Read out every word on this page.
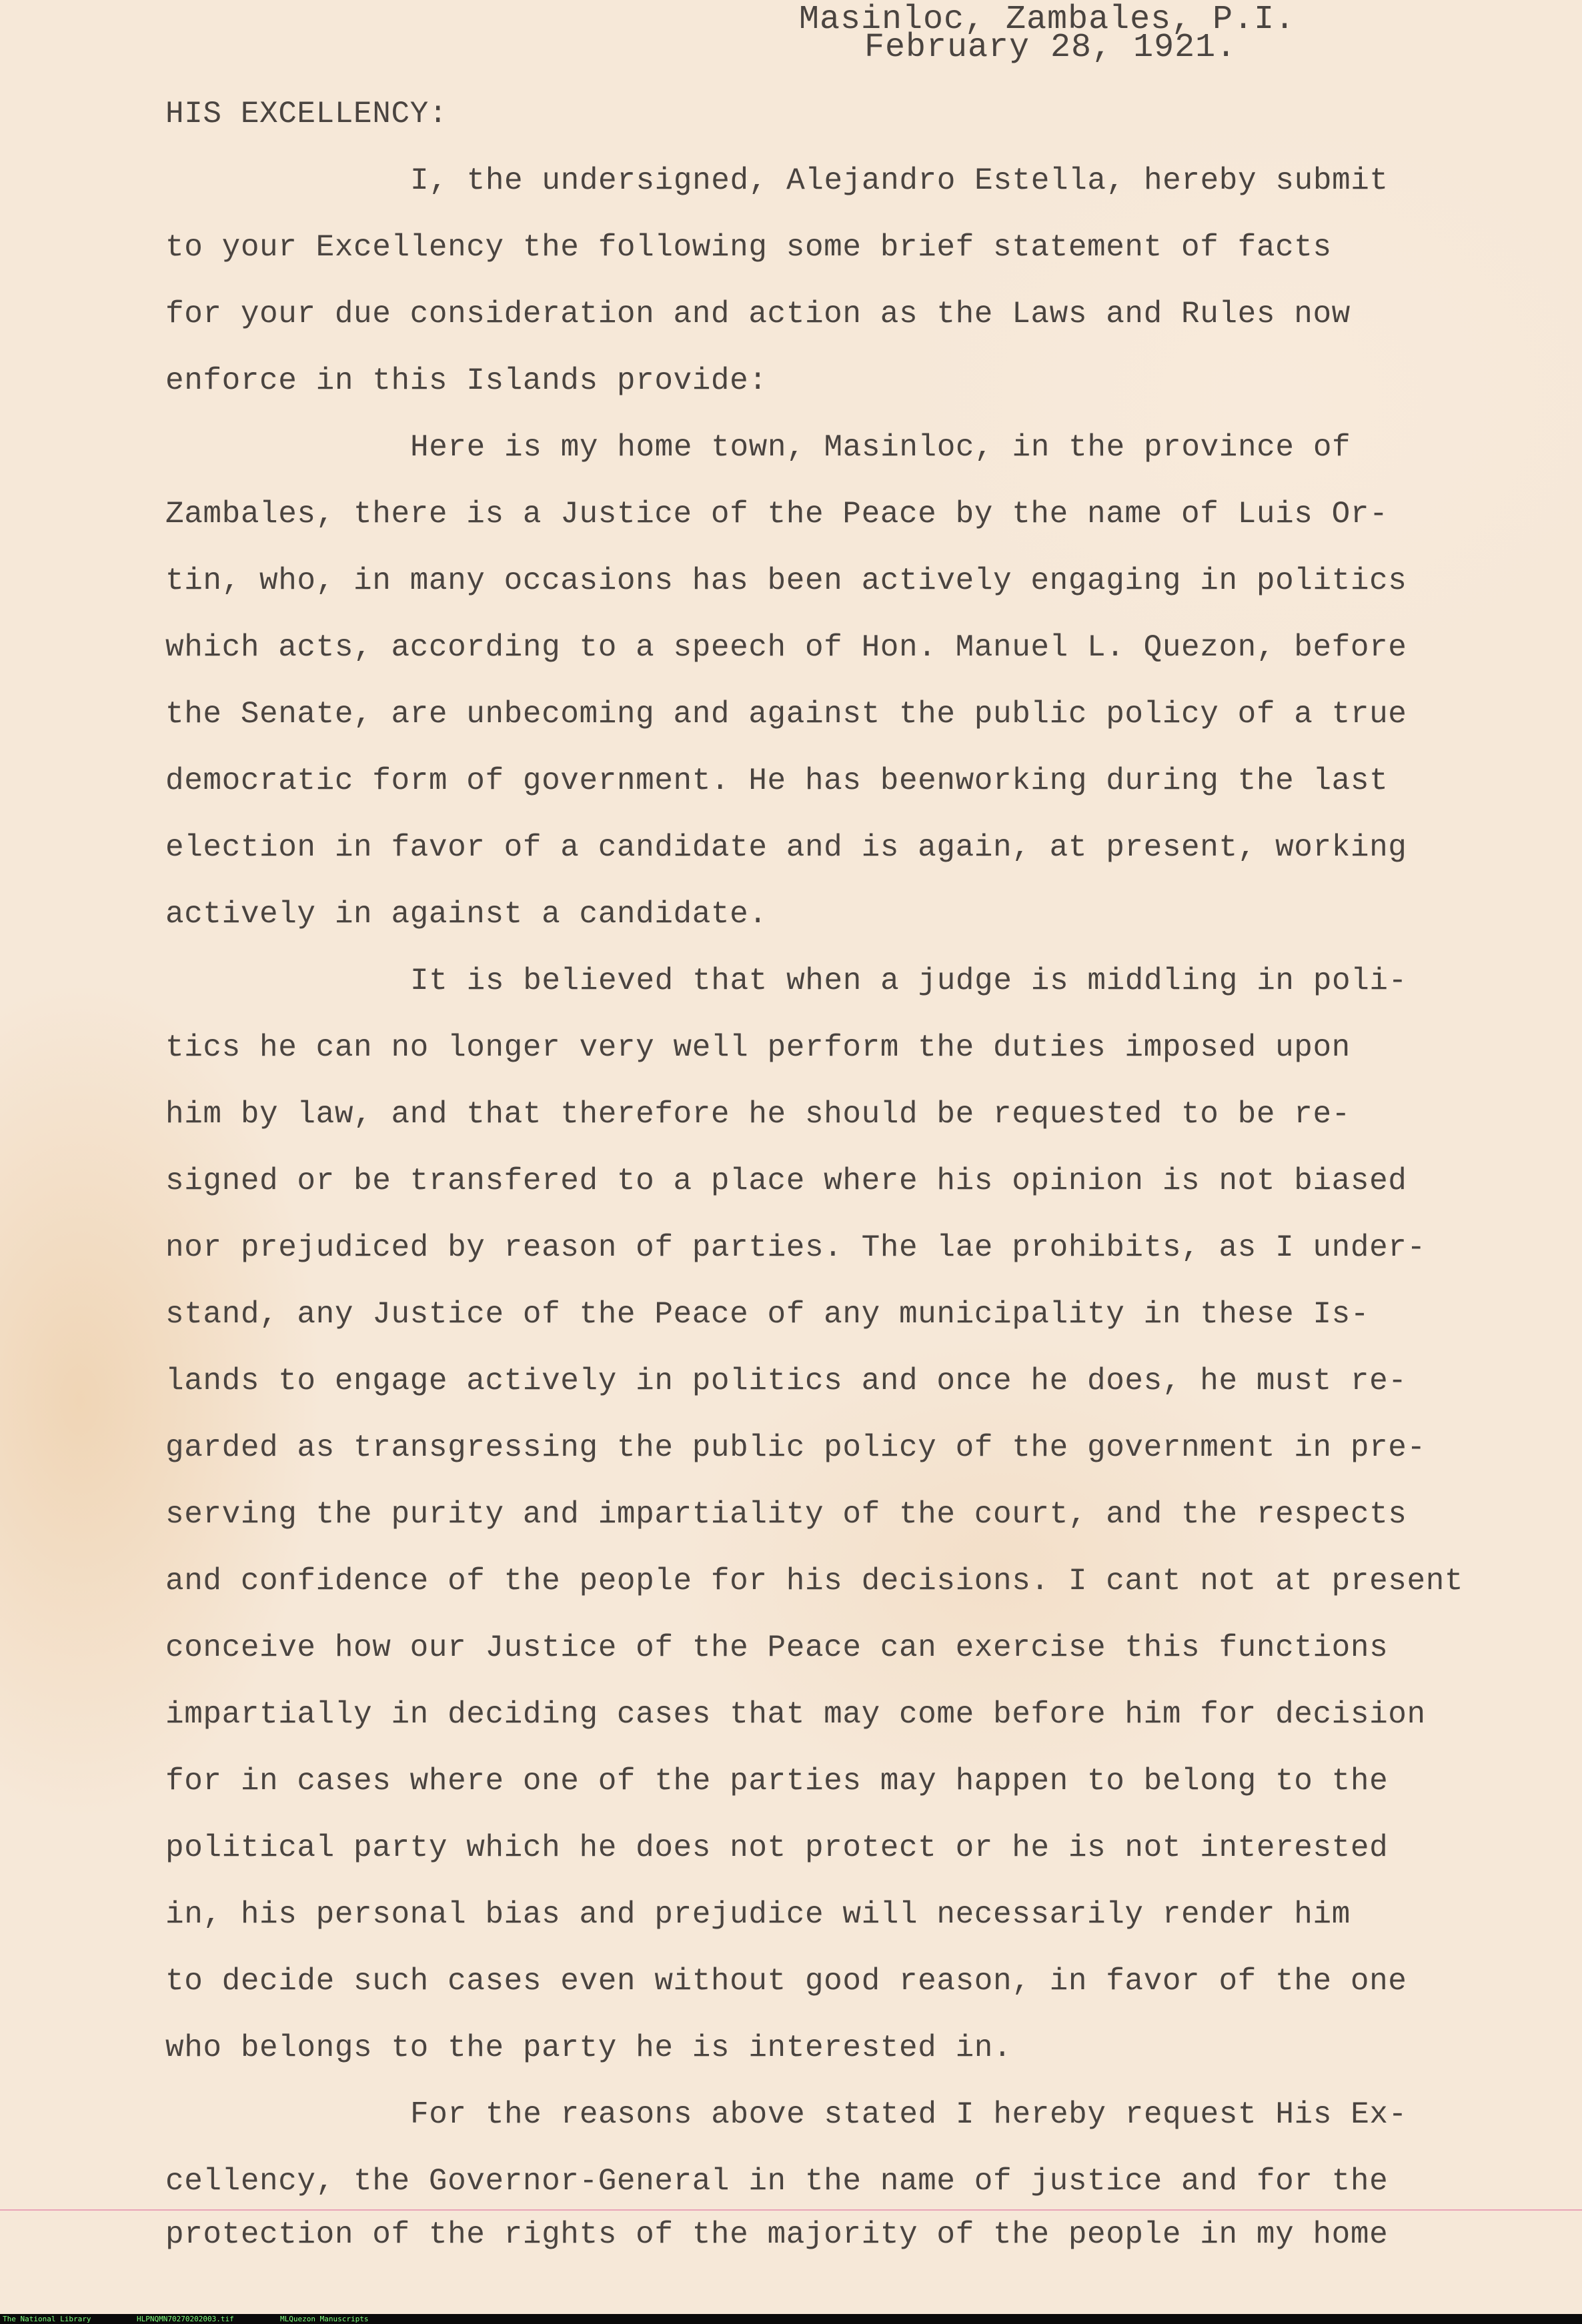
Masinloc, Zambales, P.I.
February 28, 1921.
HIS EXCELLENCY:
I, the undersigned, Alejandro Estella, hereby submit
to your Excellency the following some brief statement of facts
for your due consideration and action as the Laws and Rules now
enforce in this Islands provide:
Here is my home town, Masinloc, in the province of
Zambales, there is a Justice of the Peace by the name of Luis Or-
tin, who, in many occasions has been actively engaging in politics
which acts, according to a speech of Hon. Manuel L. Quezon, before
the Senate, are unbecoming and against the public policy of a true
democratic form of government. He has beenworking during the last
election in favor of a candidate and is again, at present, working
actively in against a candidate.
It is believed that when a judge is middling in poli-
tics he can no longer very well perform the duties imposed upon
him by law, and that therefore he should be requested to be re-
signed or be transfered to a place where his opinion is not biased
nor prejudiced by reason of parties. The lae prohibits, as I under-
stand, any Justice of the Peace of any municipality in these Is-
lands to engage actively in politics and once he does, he must re-
garded as transgressing the public policy of the government in pre-
serving the purity and impartiality of the court, and the respects
and confidence of the people for his decisions. I cant not at present
conceive how our Justice of the Peace can exercise this functions
impartially in deciding cases that may come before him for decision
for in cases where one of the parties may happen to belong to the
political party which he does not protect or he is not interested
in, his personal bias and prejudice will necessarily render him
to decide such cases even without good reason, in favor of the one
who belongs to the party he is interested in.
For the reasons above stated I hereby request His Ex-
cellency, the Governor-General in the name of justice and for the
protection of the rights of the majority of the people in my home

The National Library

	HLPNQMN70270202003.tif

	MLQuezon Manuscripts
